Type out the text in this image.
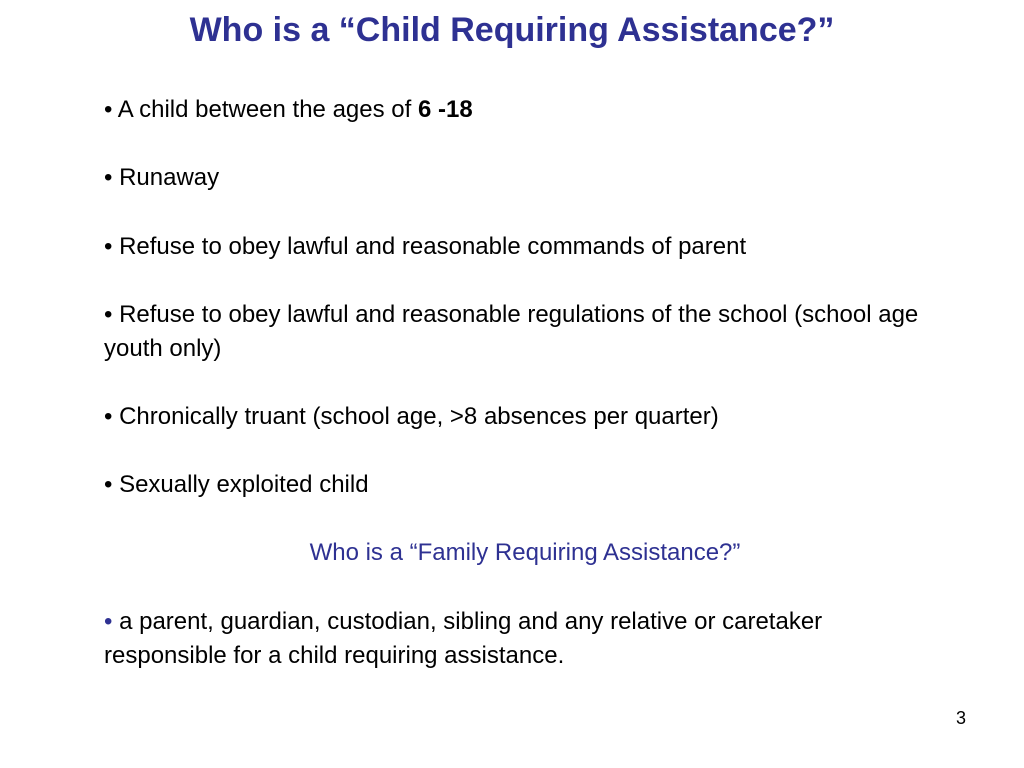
Who is a “Child Requiring Assistance?”

• A child between the ages of 6 -18

• Runaway

• Refuse to obey lawful and reasonable commands of parent

• Refuse to obey lawful and reasonable regulations of the school (school age youth only)

• Chronically truant (school age, >8 absences per quarter)

• Sexually exploited child

Who is a “Family Requiring Assistance?”

• a parent, guardian, custodian, sibling and any relative or caretaker responsible for a child requiring assistance.

3
